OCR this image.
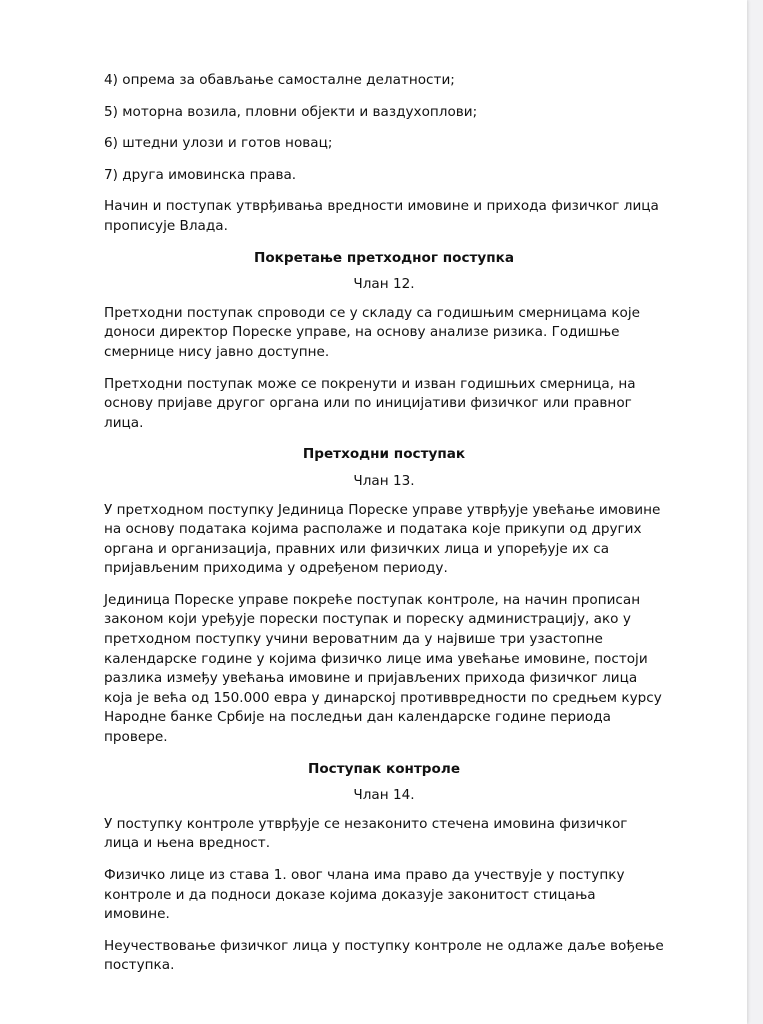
4) опрема за обављање самосталне делатности;

5) моторна возила, пловни објекти и ваздухоплови;

6) штедни улози и готов новац;

7) друга имовинска права.

Начин и поступак утврђивања вредности имовине и прихода физичког лица прописује Влада.

Покретање претходног поступка
Члан 12.

Претходни поступак спроводи се у складу са годишњим смерницама које доноси директор Пореске управе, на основу анализе ризика. Годишње смернице нису јавно доступне.

Претходни поступак може се покренути и изван годишњих смерница, на основу пријаве другог органа или по иницијативи физичког или правног лица.

Претходни поступак
Члан 13.

У претходном поступку Јединица Пореске управе утврђује увећање имовине на основу података којима располаже и података које прикупи од других органа и организација, правних или физичких лица и упоређује их са пријављеним приходима у одређеном периоду.

Јединица Пореске управе покреће поступак контроле, на начин прописан законом који уређује порески поступак и пореску администрацију, ако у претходном поступку учини вероватним да у највише три узастопне календарске године у којима физичко лице има увећање имовине, постоји разлика између увећања имовине и пријављених прихода физичког лица која је већа од 150.000 евра у динарској противвредности по средњем курсу Народне банке Србије на последњи дан календарске године периода провере.

Поступак контроле
Члан 14.

У поступку контроле утврђује се незаконито стечена имовина физичког лица и њена вредност.

Физичко лице из става 1. овог члана има право да учествује у поступку контроле и да подноси доказе којима доказује законитост стицања имовине.

Неучествовање физичког лица у поступку контроле не одлаже даље вођење поступка.
